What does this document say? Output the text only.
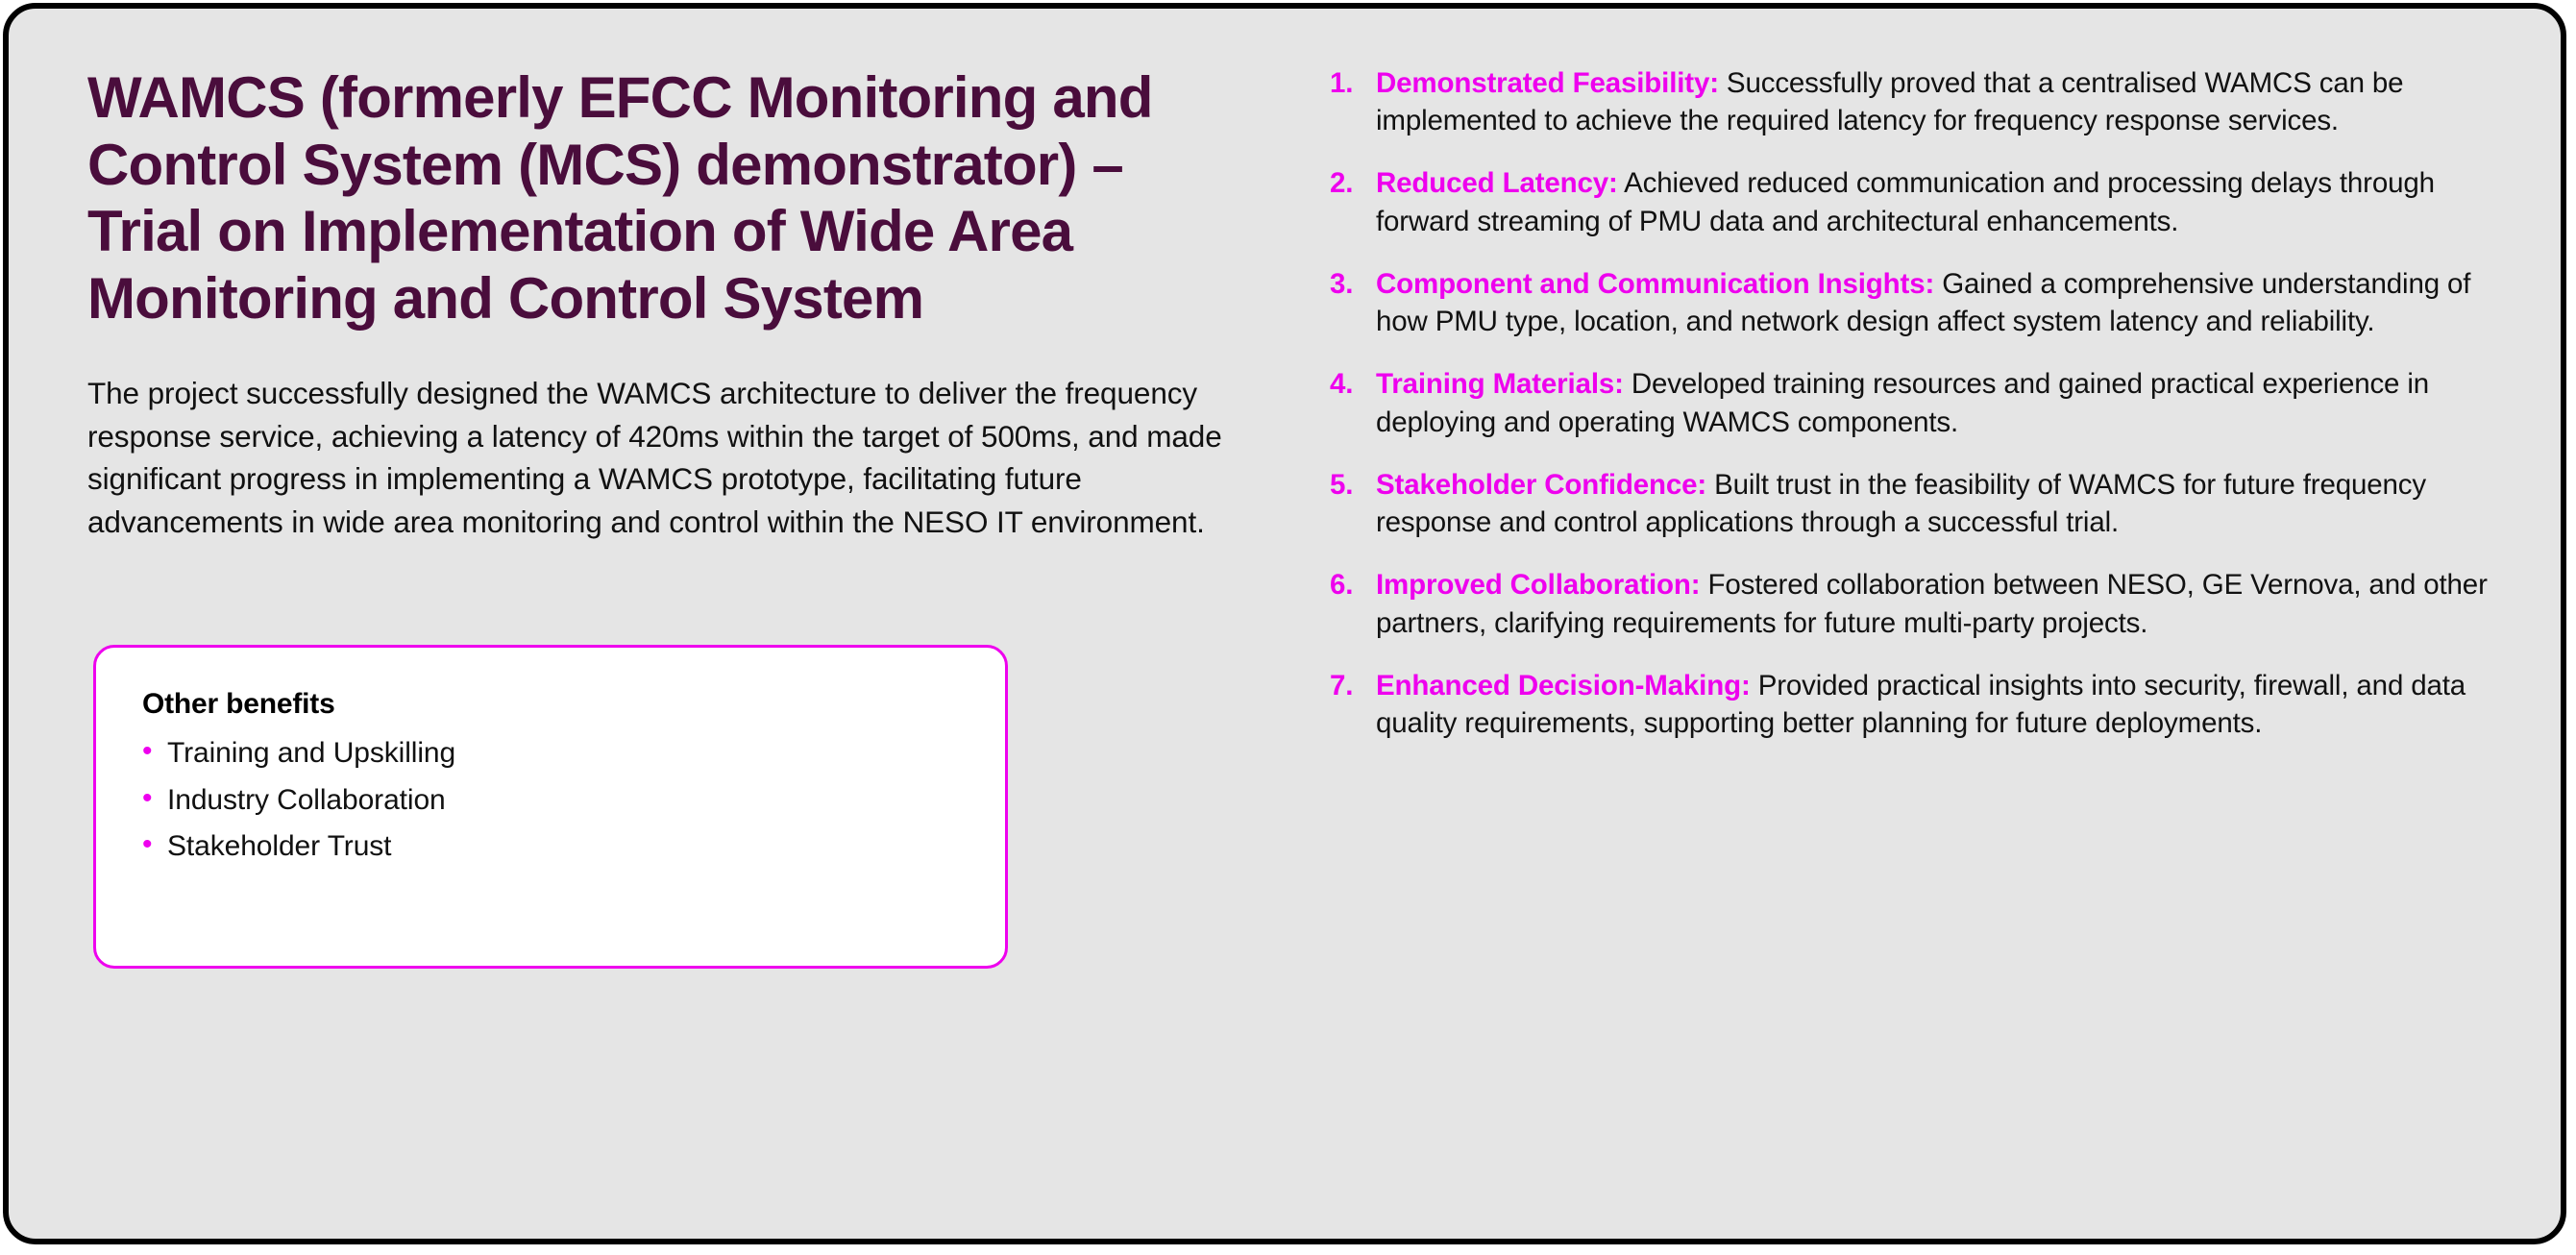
WAMCS (formerly EFCC Monitoring and Control System (MCS) demonstrator) – Trial on Implementation of Wide Area Monitoring and Control System

The project successfully designed the WAMCS architecture to deliver the frequency response service, achieving a latency of 420ms within the target of 500ms, and made significant progress in implementing a WAMCS prototype, facilitating future advancements in wide area monitoring and control within the NESO IT environment.

Other benefits
• Training and Upskilling
• Industry Collaboration
• Stakeholder Trust
1. Demonstrated Feasibility: Successfully proved that a centralised WAMCS can be implemented to achieve the required latency for frequency response services.
2. Reduced Latency: Achieved reduced communication and processing delays through forward streaming of PMU data and architectural enhancements.
3. Component and Communication Insights: Gained a comprehensive understanding of how PMU type, location, and network design affect system latency and reliability.
4. Training Materials: Developed training resources and gained practical experience in deploying and operating WAMCS components.
5. Stakeholder Confidence: Built trust in the feasibility of WAMCS for future frequency response and control applications through a successful trial.
6. Improved Collaboration: Fostered collaboration between NESO, GE Vernova, and other partners, clarifying requirements for future multi-party projects.
7. Enhanced Decision-Making: Provided practical insights into security, firewall, and data quality requirements, supporting better planning for future deployments.
